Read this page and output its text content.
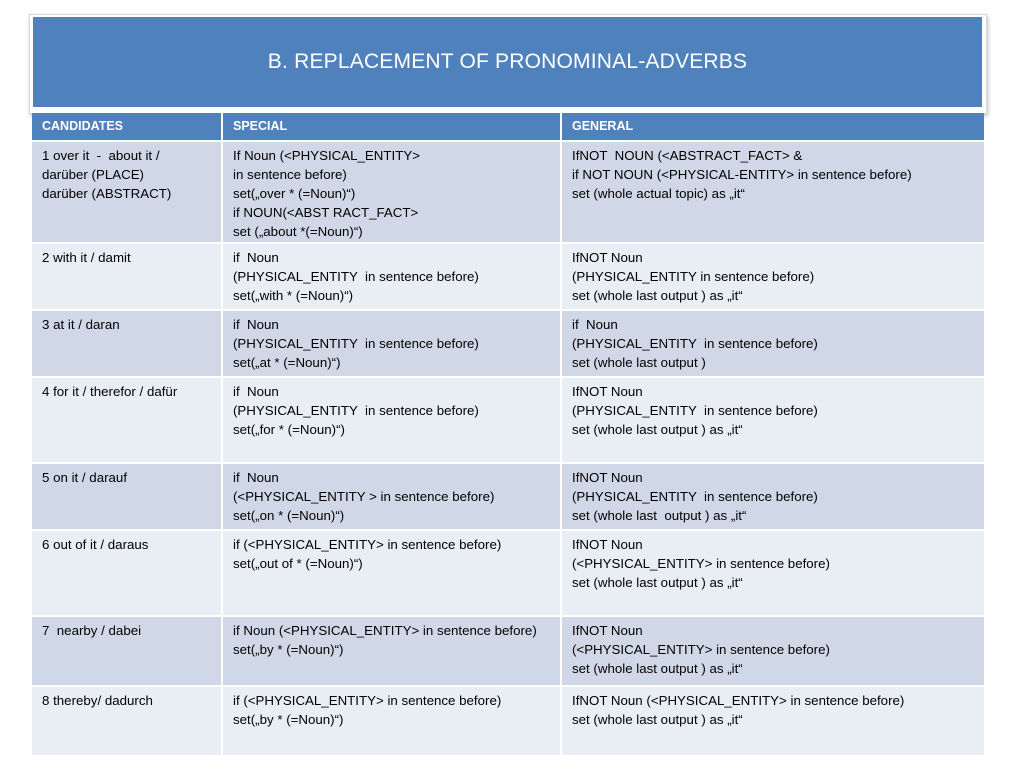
B. REPLACEMENT OF PRONOMINAL-ADVERBS
CANDIDATES	SPECIAL	GENERAL

1 over it  -  about it /
darüber (PLACE)
darüber (ABSTRACT)	If Noun (<PHYSICAL_ENTITY>
in sentence before)
set(„over * (=Noun)“)
if NOUN(<ABST RACT_FACT>
set („about *(=Noun)“)	IfNOT  NOUN (<ABSTRACT_FACT> &
if NOT NOUN (<PHYSICAL-ENTITY> in sentence before)
set (whole actual topic) as „it“

2 with it / damit	if  Noun
(PHYSICAL_ENTITY  in sentence before)
set(„with * (=Noun)“)	IfNOT Noun
(PHYSICAL_ENTITY in sentence before)
set (whole last output ) as „it“

3 at it / daran	if  Noun
(PHYSICAL_ENTITY  in sentence before)
set(„at * (=Noun)“)	if  Noun
(PHYSICAL_ENTITY  in sentence before)
set (whole last output )

4 for it / therefor / dafür	if  Noun
(PHYSICAL_ENTITY  in sentence before)
set(„for * (=Noun)“)	IfNOT Noun
(PHYSICAL_ENTITY  in sentence before)
set (whole last output ) as „it“

5 on it / darauf	if  Noun
(<PHYSICAL_ENTITY > in sentence before)
set(„on * (=Noun)“)	IfNOT Noun
(PHYSICAL_ENTITY  in sentence before)
set (whole last  output ) as „it“

6 out of it / daraus	if (<PHYSICAL_ENTITY> in sentence before)
set(„out of * (=Noun)“)	IfNOT Noun
(<PHYSICAL_ENTITY> in sentence before)
set (whole last output ) as „it“

7  nearby / dabei	if Noun (<PHYSICAL_ENTITY> in sentence before)
set(„by * (=Noun)“)	IfNOT Noun
(<PHYSICAL_ENTITY> in sentence before)
set (whole last output ) as „it“

8 thereby/ dadurch	if (<PHYSICAL_ENTITY> in sentence before)
set(„by * (=Noun)“)	IfNOT Noun (<PHYSICAL_ENTITY> in sentence before)
set (whole last output ) as „it“
